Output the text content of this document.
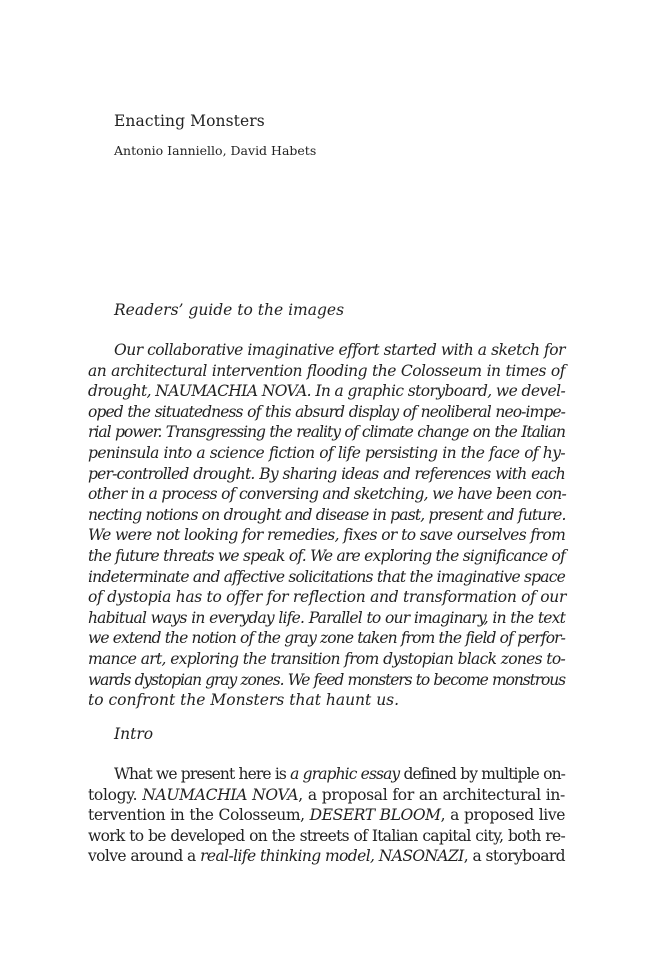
Enacting Monsters
Antonio Ianniello, David Habets
Readers’ guide to the images
Our collaborative imaginative effort started with a sketch for
an architectural intervention flooding the Colosseum in times of
drought, NAUMACHIA NOVA. In a graphic storyboard, we devel-
oped the situatedness of this absurd display of neoliberal neo-impe-
rial power. Transgressing the reality of climate change on the Italian
peninsula into a science fiction of life persisting in the face of hy-
per-controlled drought. By sharing ideas and references with each
other in a process of conversing and sketching, we have been con-
necting notions on drought and disease in past, present and future.
We were not looking for remedies, fixes or to save ourselves from
the future threats we speak of. We are exploring the significance of
indeterminate and affective solicitations that the imaginative space
of dystopia has to offer for reflection and transformation of our
habitual ways in everyday life. Parallel to our imaginary, in the text
we extend the notion of the gray zone taken from the field of perfor-
mance art, exploring the transition from dystopian black zones to-
wards dystopian gray zones. We feed monsters to become monstrous
to confront the Monsters that haunt us.
Intro
What we present here is a graphic essay defined by multiple on-
tology. NAUMACHIA NOVA, a proposal for an architectural in-
tervention in the Colosseum, DESERT BLOOM, a proposed live
work to be developed on the streets of Italian capital city, both re-
volve around a real-life thinking model, NASONAZI, a storyboard
